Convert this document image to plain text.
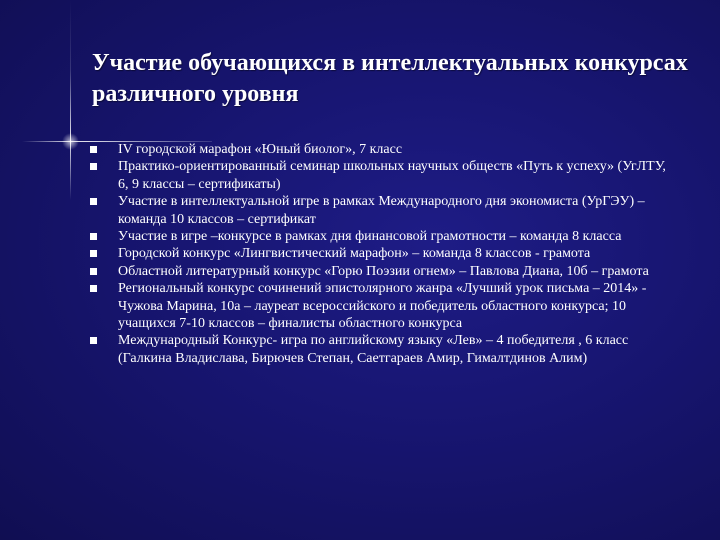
Участие обучающихся в интеллектуальных конкурсах различного уровня
IV городской марафон «Юный биолог», 7 класс
Практико-ориентированный семинар школьных научных обществ «Путь к успеху» (УгЛТУ, 6, 9 классы – сертификаты)
Участие в интеллектуальной игре в рамках Международного дня экономиста (УрГЭУ) – команда 10 классов – сертификат
Участие в игре –конкурсе в рамках дня финансовой грамотности – команда 8 класса
Городской конкурс «Лингвистический марафон» – команда 8 классов - грамота
Областной литературный конкурс «Горю Поэзии огнем» – Павлова Диана, 10б – грамота
Региональный конкурс сочинений эпистолярного жанра «Лучший урок письма – 2014» - Чужова Марина, 10а – лауреат всероссийского и победитель областного конкурса; 10 учащихся 7-10 классов – финалисты областного конкурса
Международный Конкурс- игра по английскому языку «Лев» – 4 победителя , 6 класс (Галкина Владислава, Бирючев Степан, Саетгараев Амир, Гималтдинов Алим)
